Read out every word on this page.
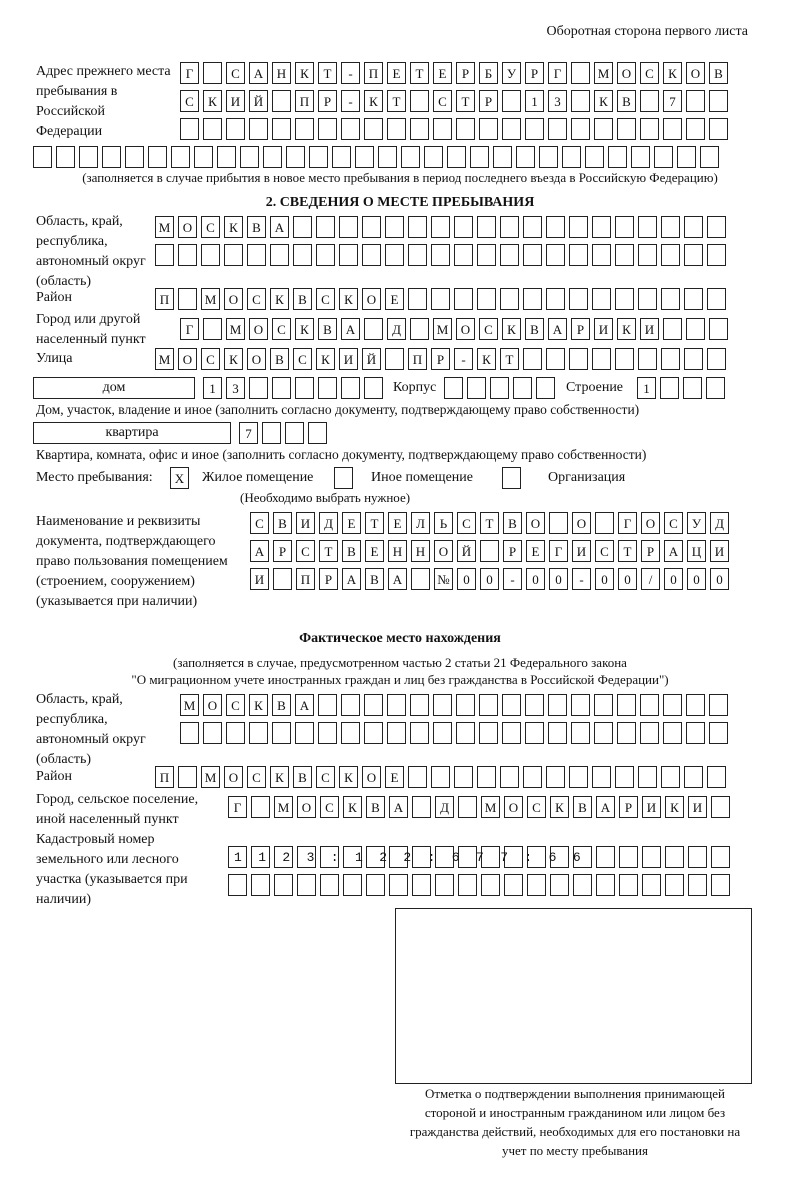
Оборотная сторона первого листа
Адрес прежнего места пребывания в Российской Федерации
Г	С	А	Н	К	Т	-	П	Е	Т	Е	Р	Б	У	Р	Г	М О	С	К	О	В
С	К	И	Й	П	Р	-	К	Т	С	Т	Р	1	3	К	В	7
(заполняется в случае прибытия в новое место пребывания в период последнего въезда в Российскую Федерацию)
2. СВЕДЕНИЯ О МЕСТЕ ПРЕБЫВАНИЯ
Область, край, республика, автономный округ (область)
М О	С	К	В	А
Район	П	М О	С	К	В	С	К	О	Е
Город или другой населенный пункт
Г	М О	С	К	В	А	Д	М О	С	К	В	А	Р	И	К	И
Улица	М О	С	К	О	В	С	К	И	Й	П	Р	-	К	Т
дом	1	3	Корпус	Строение	1
Дом, участок, владение и иное (заполнить согласно документу, подтверждающему право собственности)
квартира	7
Квартира, комната, офис и иное (заполнить согласно документу, подтверждающему право собственности)
Место пребывания:	X	Жилое помещение	Иное помещение	Организация
(Необходимо выбрать нужное)
Наименование и реквизиты документа, подтверждающего право пользования помещением (строением, сооружением) (указывается при наличии)
С	В	И	Д	Е	Т	Е	Л	Ь	С	Т	В	О	О	Г	О	С	У	Д
А	Р	С	Т	В	Е	Н	Н	О	Й	Р	Е	Г	И	С	Т	Р	А	Ц	И
И	П	Р	А	В	А	№	0	0	-	0	0	-	0	0	/	0	0	0
Фактическое место нахождения
(заполняется в случае, предусмотренном частью 2 статьи 21 Федерального закона
"О миграционном учете иностранных граждан и лиц без гражданства в Российской Федерации")
Область, край, республика, автономный округ (область)
М О	С	К	В	А
Район	П	М О	С	К	В	С	К	О	Е
Город, сельское поселение, иной населенный пункт
Г	М О	С	К	В	А	Д	М О	С	К	В	А	Р	И	К	И
Кадастровый номер земельного или лесного участка (указывается при наличии)
1123:122:677:66
Отметка о подтверждении выполнения принимающей стороной и иностранным гражданином или лицом без гражданства действий, необходимых для его постановки на учет по месту пребывания
